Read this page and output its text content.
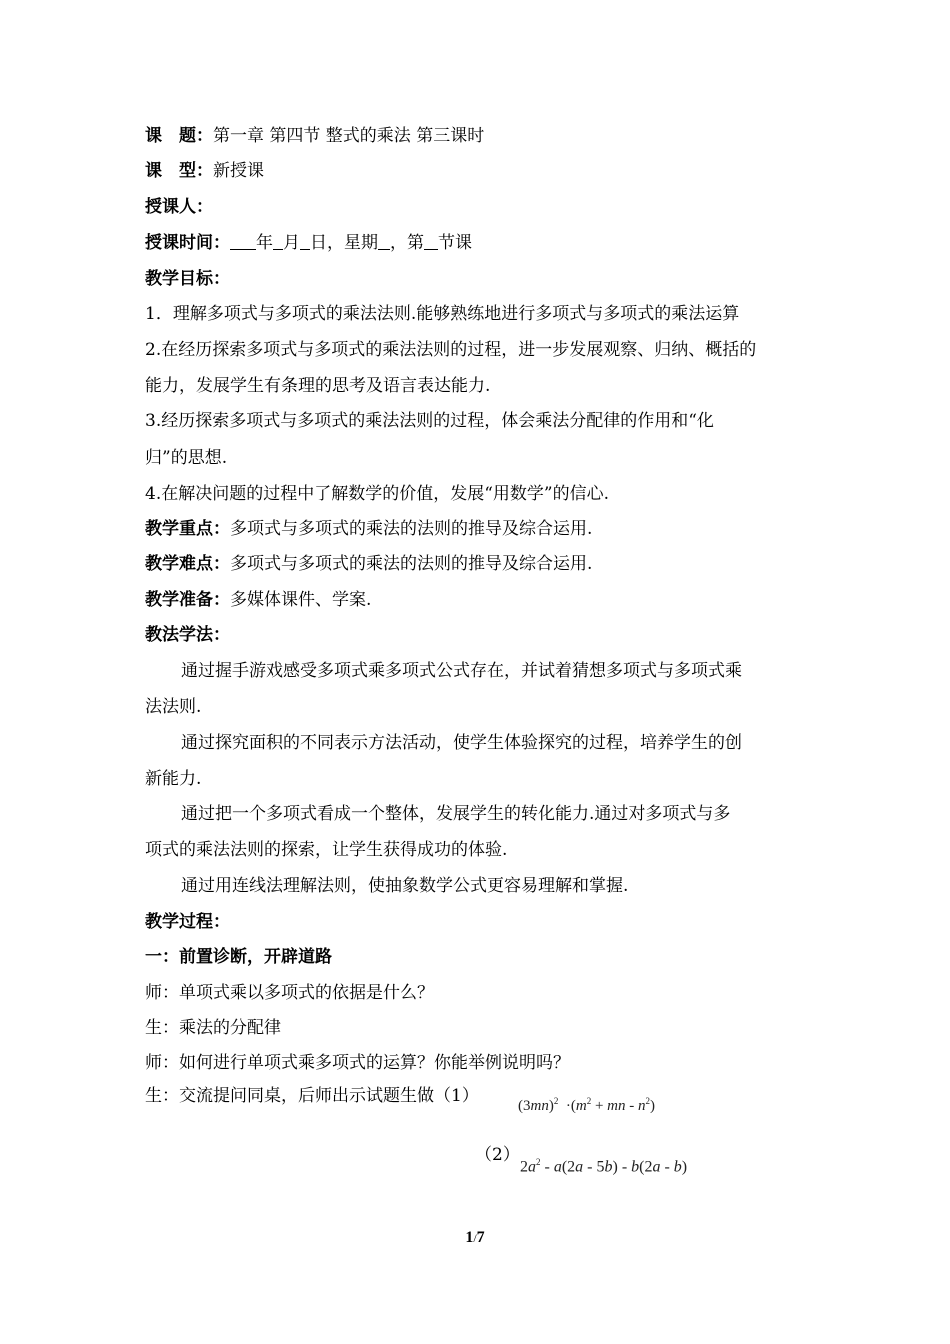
课　题：第一章 第四节 整式的乘法 第三课时
课　型：新授课
授课人：
授课时间： 年 月 日，星期 ，第 节课
教学目标：
1．理解多项式与多项式的乘法法则.能够熟练地进行多项式与多项式的乘法运算
2.在经历探索多项式与多项式的乘法法则的过程，进一步发展观察、归纳、概括的
能力，发展学生有条理的思考及语言表达能力.
3.经历探索多项式与多项式的乘法法则的过程，体会乘法分配律的作用和“化
归”的思想.
4.在解决问题的过程中了解数学的价值，发展“用数学”的信心.
教学重点：多项式与多项式的乘法的法则的推导及综合运用.
教学难点：多项式与多项式的乘法的法则的推导及综合运用.
教学准备：多媒体课件、学案.
教法学法：
通过握手游戏感受多项式乘多项式公式存在，并试着猜想多项式与多项式乘
法法则.
通过探究面积的不同表示方法活动，使学生体验探究的过程，培养学生的创
新能力.
通过把一个多项式看成一个整体，发展学生的转化能力.通过对多项式与多
项式的乘法法则的探索，让学生获得成功的体验.
通过用连线法理解法则，使抽象数学公式更容易理解和掌握.
教学过程：
一：前置诊断，开辟道路
师：单项式乘以多项式的依据是什么？
生：乘法的分配律
师：如何进行单项式乘多项式的运算？你能举例说明吗？
生：交流提问同桌，后师出示试题生做（1）	$(3mn)^2 \cdot(m^2$ + mn - $n^2$)
（2）
$2a^2 - a(2a - 5b) - b(2a - b)$
1/7
